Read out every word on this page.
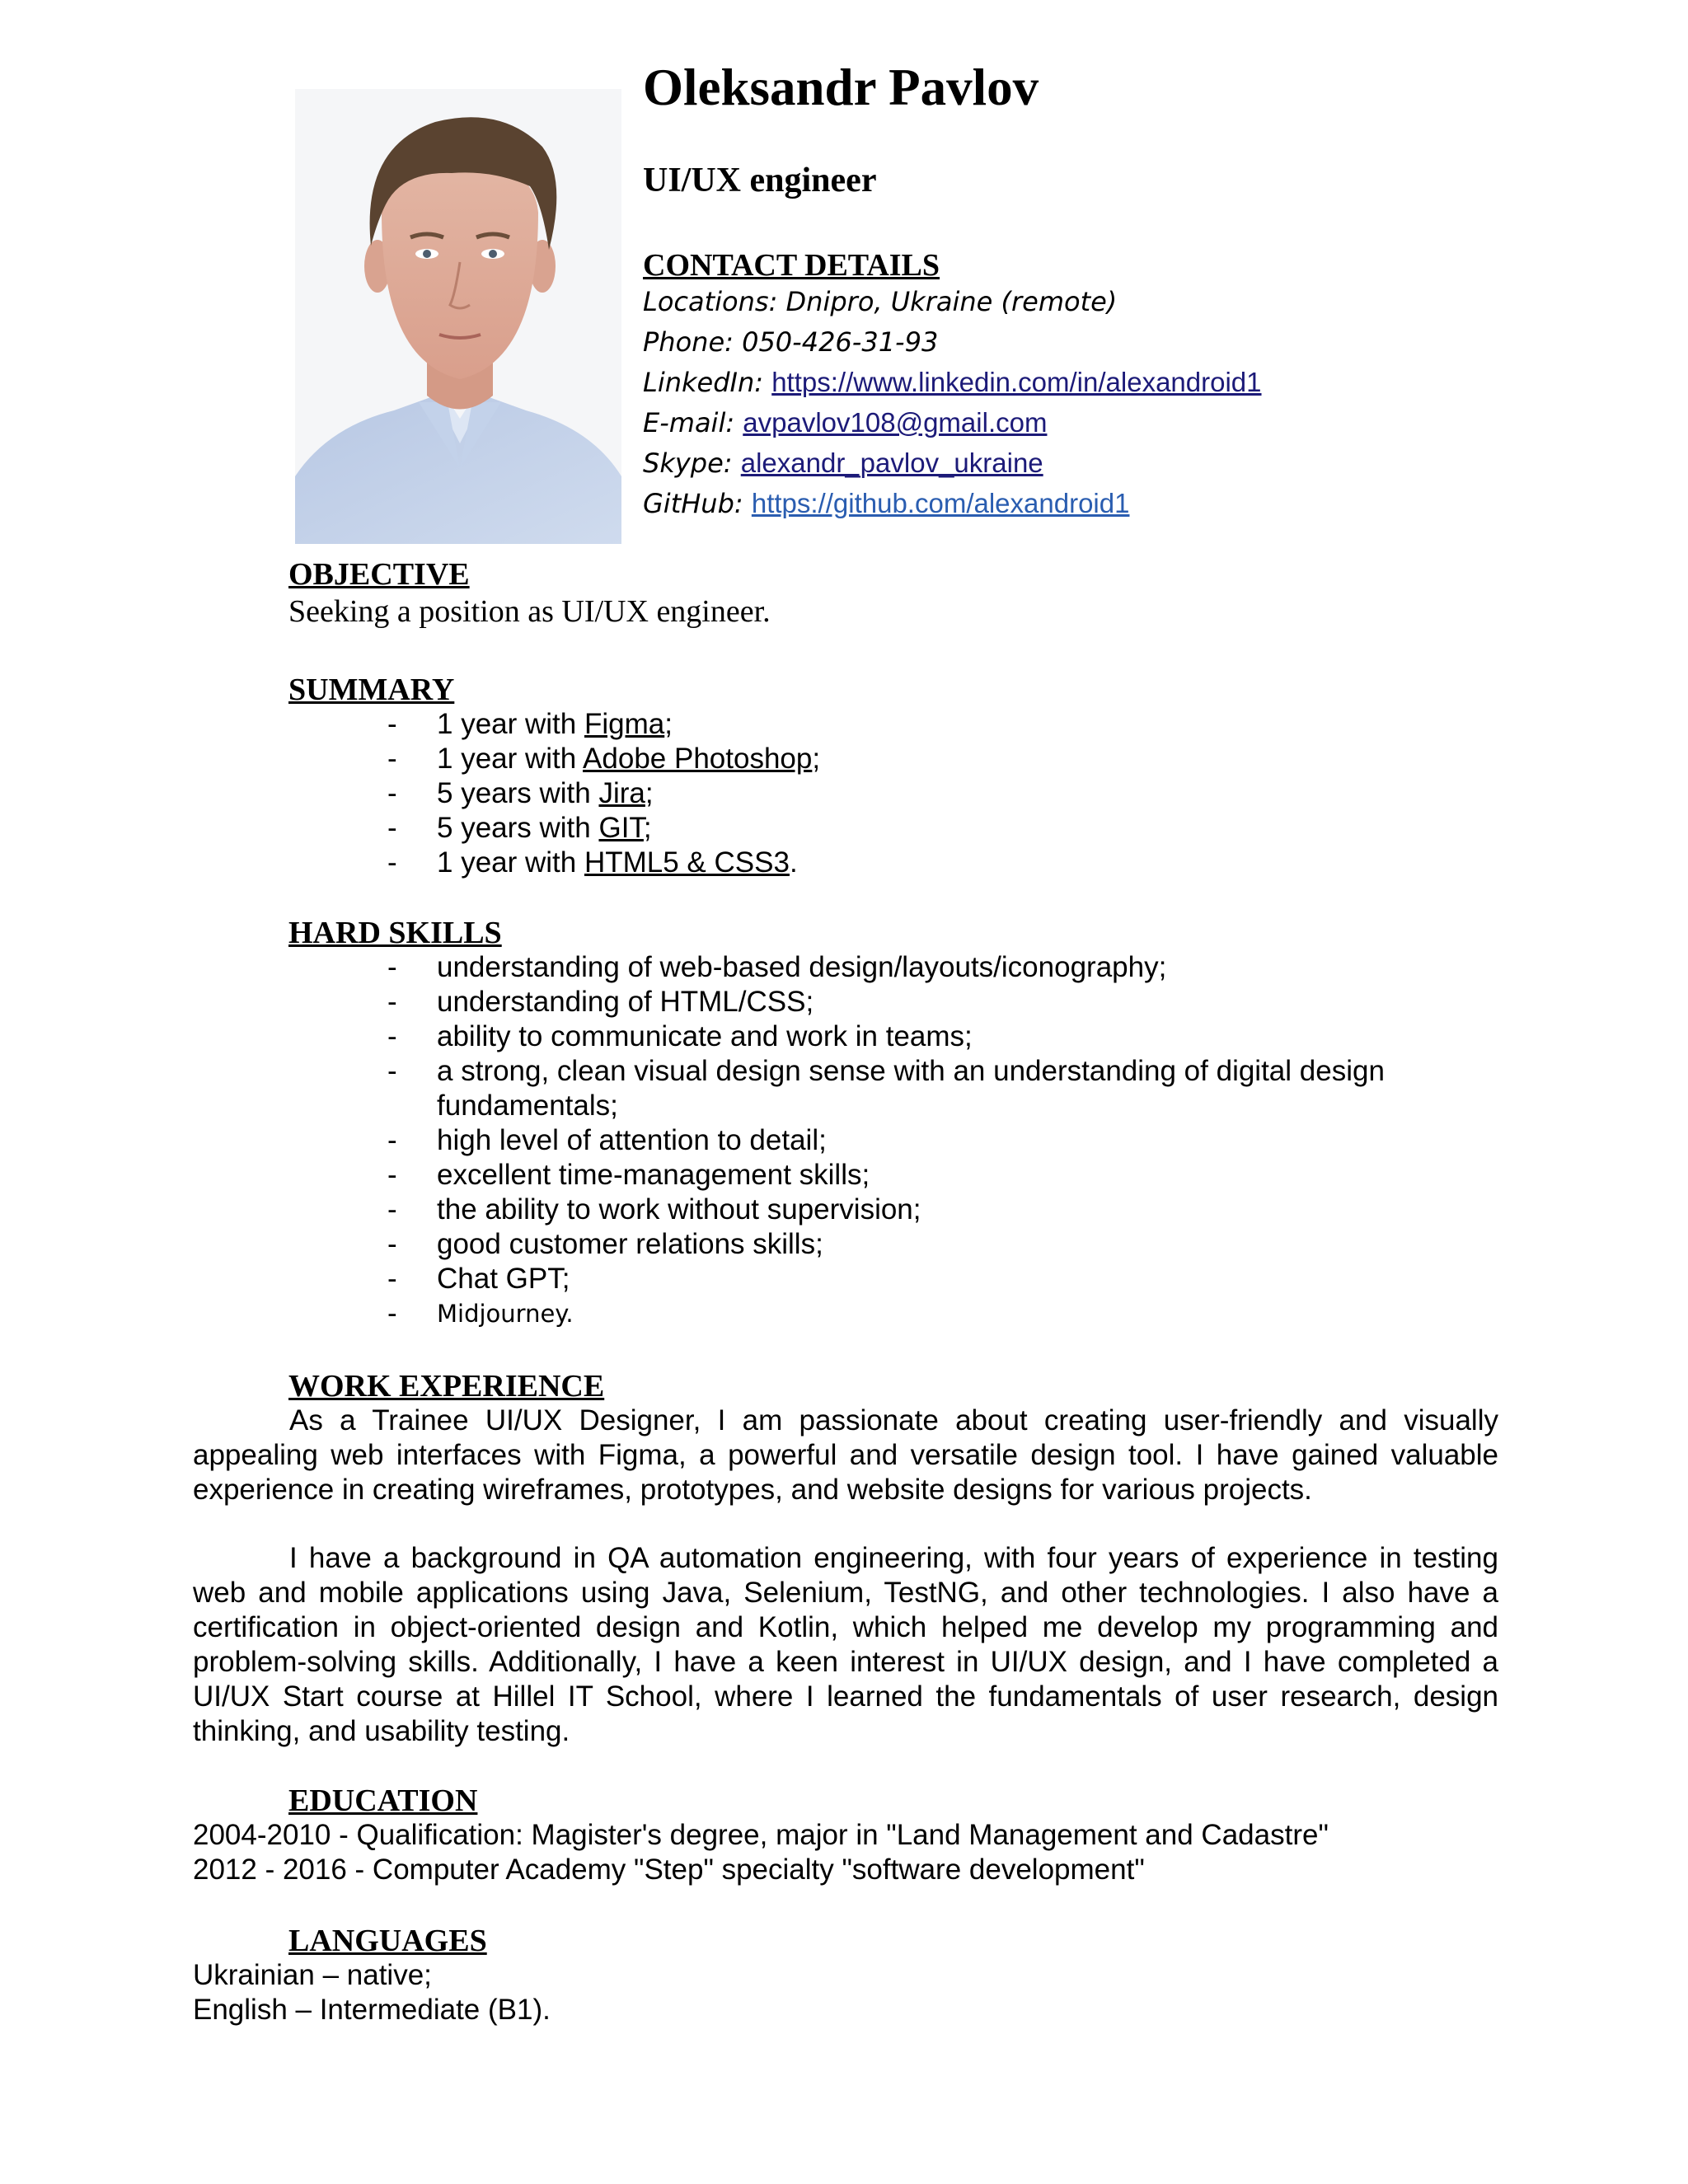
Oleksandr Pavlov
UI/UX engineer
CONTACT DETAILS
Locations: Dnipro, Ukraine (remote)
Phone: 050-426-31-93
LinkedIn: https://www.linkedin.com/in/alexandroid1
E-mail: avpavlov108@gmail.com
Skype: alexandr_pavlov_ukraine
GitHub: https://github.com/alexandroid1
OBJECTIVE
Seeking a position as UI/UX engineer.
SUMMARY
- 1 year with Figma;
- 1 year with Adobe Photoshop;
- 5 years with Jira;
- 5 years with GIT;
- 1 year with HTML5 & CSS3.
HARD SKILLS
- understanding of web-based design/layouts/iconography;
- understanding of HTML/CSS;
- ability to communicate and work in teams;
- a strong, clean visual design sense with an understanding of digital design
fundamentals;
- high level of attention to detail;
- excellent time-management skills;
- the ability to work without supervision;
- good customer relations skills;
- Chat GPT;
- Midjourney.
WORK EXPERIENCE
As a Trainee UI/UX Designer, I am passionate about creating user-friendly and visually appealing web interfaces with Figma, a powerful and versatile design tool. I have gained valuable experience in creating wireframes, prototypes, and website designs for various projects.
I have a background in QA automation engineering, with four years of experience in testing web and mobile applications using Java, Selenium, TestNG, and other technologies. I also have a certification in object-oriented design and Kotlin, which helped me develop my programming and problem-solving skills. Additionally, I have a keen interest in UI/UX design, and I have completed a UI/UX Start course at Hillel IT School, where I learned the fundamentals of user research, design thinking, and usability testing.
EDUCATION
2004-2010 - Qualification: Magister's degree, major in "Land Management and Cadastre"
2012 - 2016 - Computer Academy "Step" specialty "software development"
LANGUAGES
Ukrainian – native;
English – Intermediate (B1).
